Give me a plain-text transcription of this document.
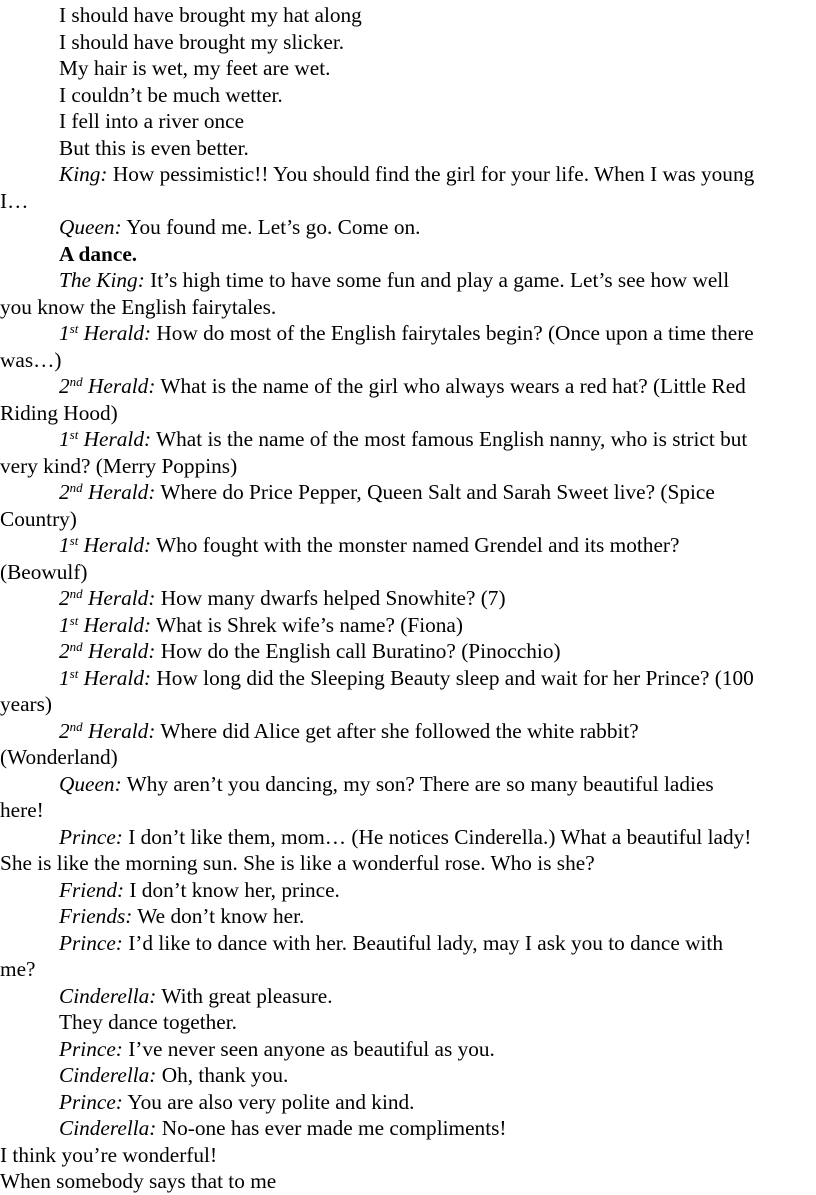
I should have brought my hat along
I should have brought my slicker.
My hair is wet, my feet are wet.
I couldn’t be much wetter.
I fell into a river once
But this is even better.
King: How pessimistic!! You should find the girl for your life. When I was young
I…
Queen: You found me. Let’s go. Come on.
A dance.
The King: It’s high time to have some fun and play a game. Let’s see how well
you know the English fairytales.
1st Herald: How do most of the English fairytales begin? (Once upon a time there
was…)
2nd Herald: What is the name of the girl who always wears a red hat? (Little Red
Riding Hood)
1st Herald: What is the name of the most famous English nanny, who is strict but
very kind? (Merry Poppins)
2nd Herald: Where do Price Pepper, Queen Salt and Sarah Sweet live? (Spice
Country)
1st Herald: Who fought with the monster named Grendel and its mother?
(Beowulf)
2nd Herald: How many dwarfs helped Snowhite? (7)
1st Herald: What is Shrek wife’s name? (Fiona)
2nd Herald: How do the English call Buratino? (Pinocchio)
1st Herald: How long did the Sleeping Beauty sleep and wait for her Prince? (100
years)
2nd Herald: Where did Alice get after she followed the white rabbit?
(Wonderland)
Queen: Why aren’t you dancing, my son? There are so many beautiful ladies
here!
Prince: I don’t like them, mom… (He notices Cinderella.) What a beautiful lady!
She is like the morning sun. She is like a wonderful rose. Who is she?
Friend: I don’t know her, prince.
Friends: We don’t know her.
Prince: I’d like to dance with her. Beautiful lady, may I ask you to dance with
me?
Cinderella: With great pleasure.
They dance together.
Prince: I’ve never seen anyone as beautiful as you.
Cinderella: Oh, thank you.
Prince: You are also very polite and kind.
Cinderella: No-one has ever made me compliments!
I think you’re wonderful!
When somebody says that to me
